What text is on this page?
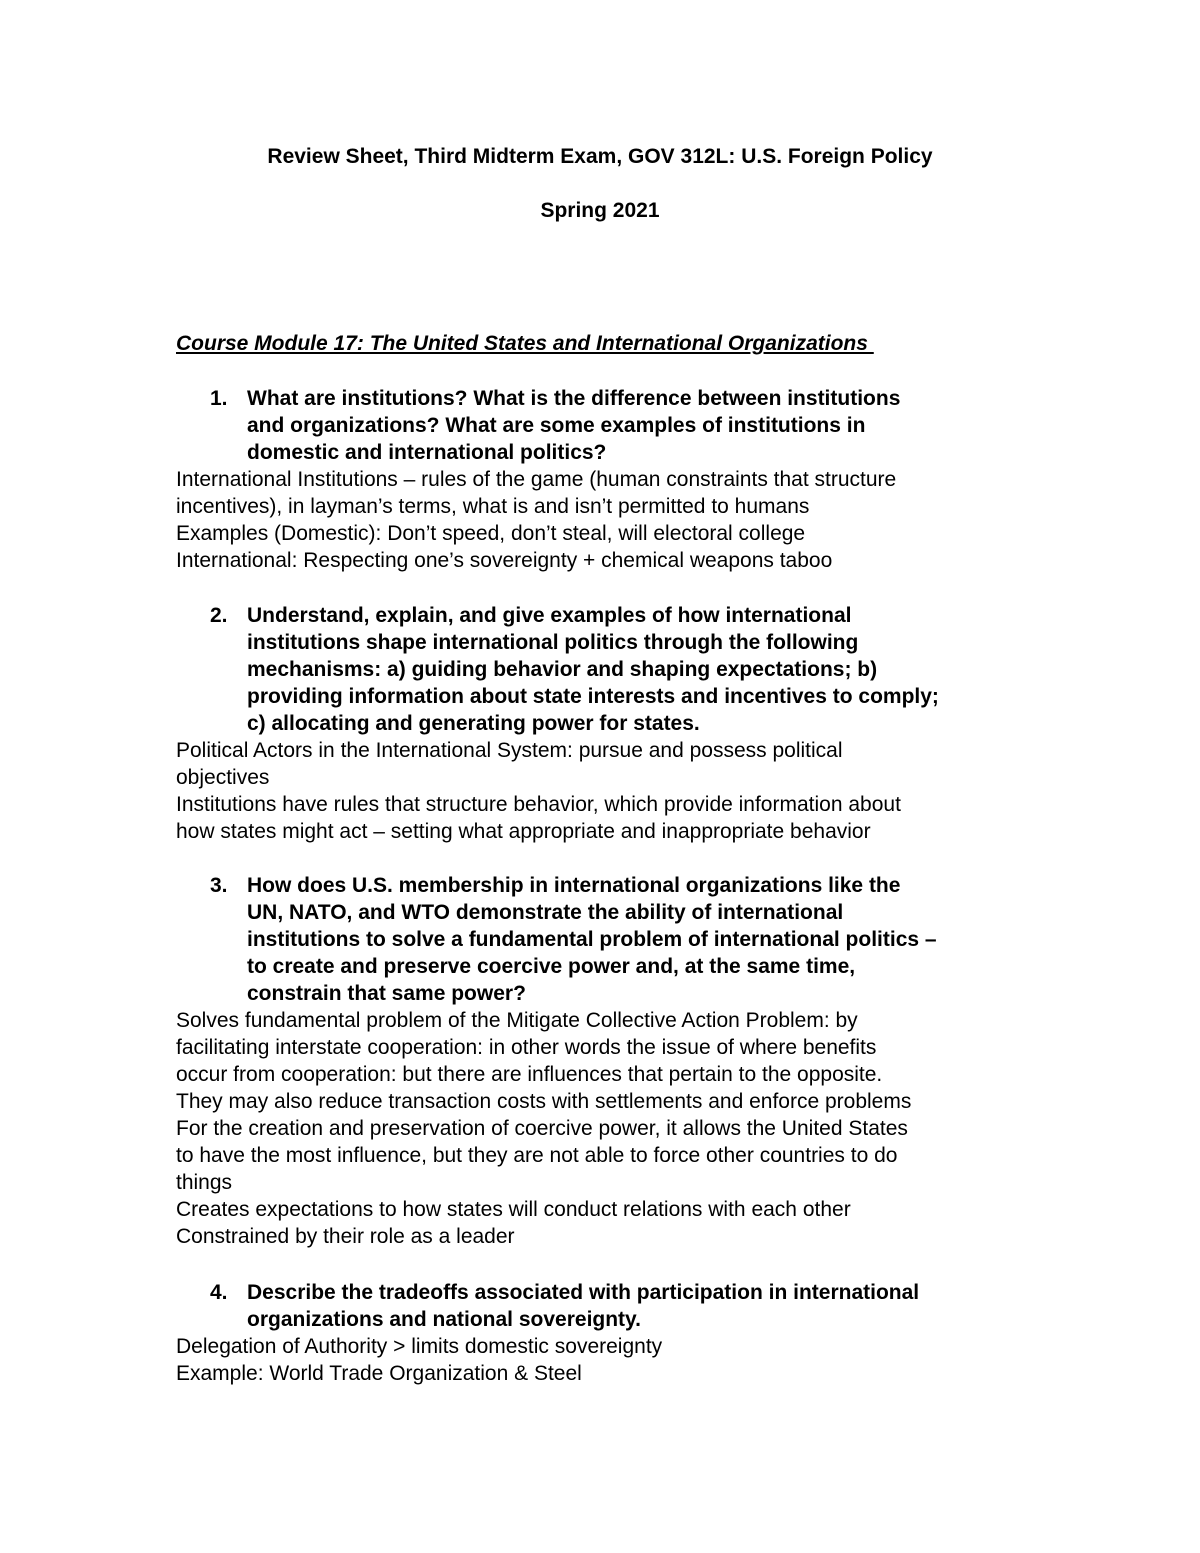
Review Sheet, Third Midterm Exam, GOV 312L: U.S. Foreign Policy
Spring 2021
Course Module 17: The United States and International Organizations
1. What are institutions? What is the difference between institutions
and organizations? What are some examples of institutions in
domestic and international politics?
International Institutions – rules of the game (human constraints that structure
incentives), in layman’s terms, what is and isn’t permitted to humans
Examples (Domestic): Don’t speed, don’t steal, will electoral college
International: Respecting one’s sovereignty + chemical weapons taboo
2. Understand, explain, and give examples of how international
institutions shape international politics through the following
mechanisms: a) guiding behavior and shaping expectations; b)
providing information about state interests and incentives to comply;
c) allocating and generating power for states.
Political Actors in the International System: pursue and possess political
objectives
Institutions have rules that structure behavior, which provide information about
how states might act – setting what appropriate and inappropriate behavior
3. How does U.S. membership in international organizations like the
UN, NATO, and WTO demonstrate the ability of international
institutions to solve a fundamental problem of international politics –
to create and preserve coercive power and, at the same time,
constrain that same power?
Solves fundamental problem of the Mitigate Collective Action Problem: by
facilitating interstate cooperation: in other words the issue of where benefits
occur from cooperation: but there are influences that pertain to the opposite.
They may also reduce transaction costs with settlements and enforce problems
For the creation and preservation of coercive power, it allows the United States
to have the most influence, but they are not able to force other countries to do
things
Creates expectations to how states will conduct relations with each other
Constrained by their role as a leader
4. Describe the tradeoffs associated with participation in international
organizations and national sovereignty.
Delegation of Authority > limits domestic sovereignty
Example: World Trade Organization & Steel
